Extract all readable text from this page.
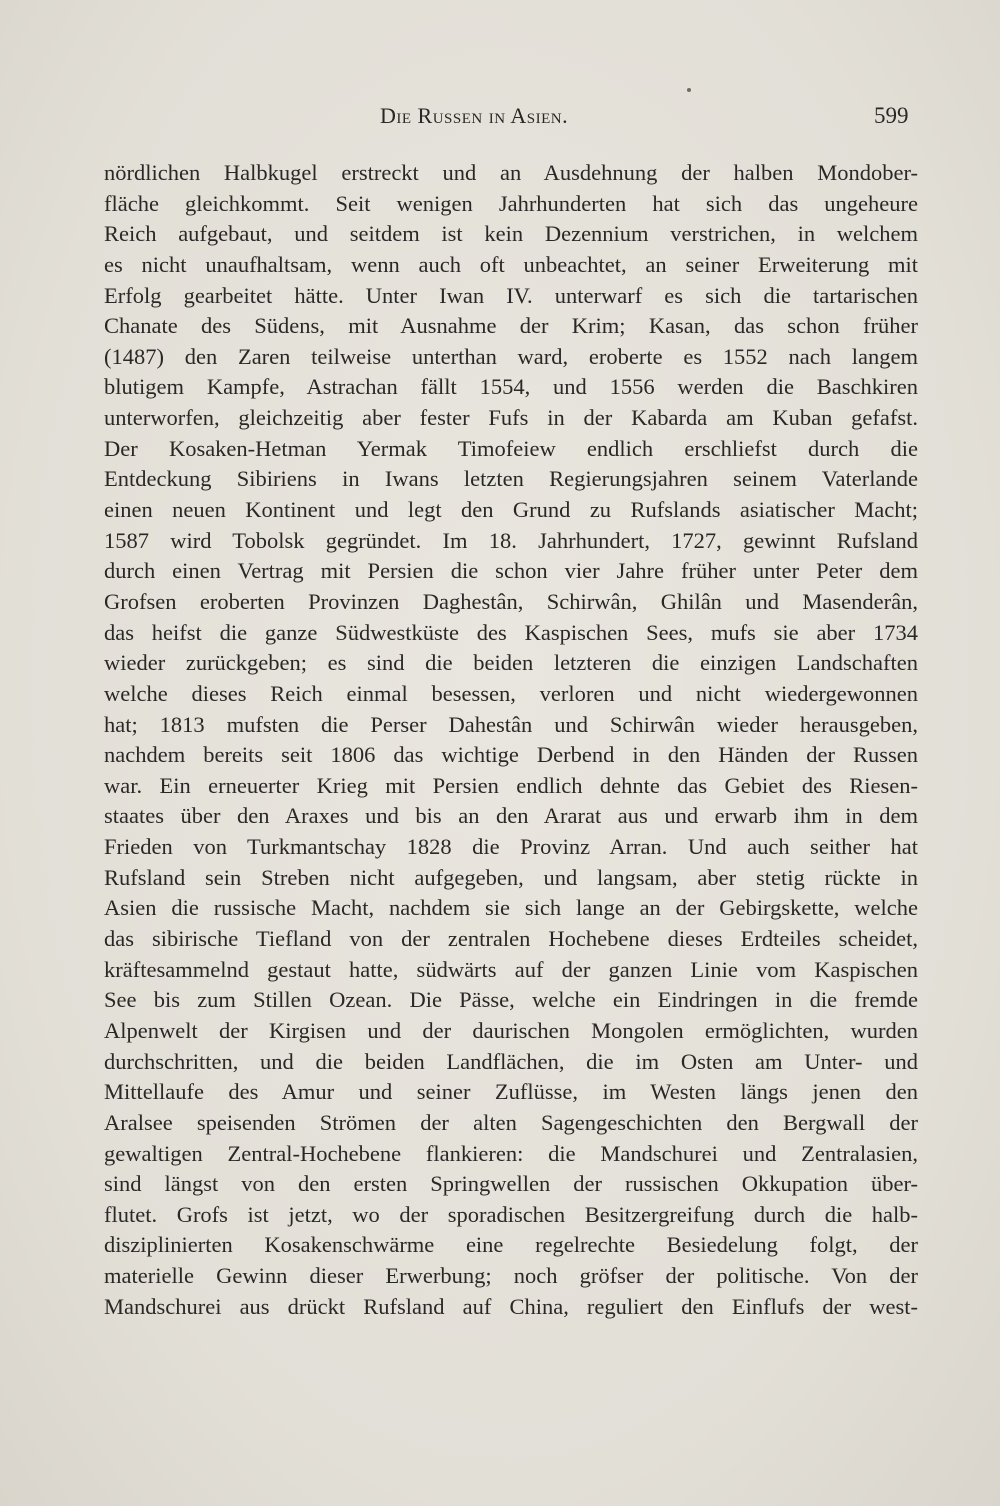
Die Russen in Asien.	599
nördlichen Halbkugel erstreckt und an Ausdehnung der halben Mondober-
fläche gleichkommt. Seit wenigen Jahrhunderten hat sich das ungeheure
Reich aufgebaut, und seitdem ist kein Dezennium verstrichen, in welchem
es nicht unaufhaltsam, wenn auch oft unbeachtet, an seiner Erweiterung mit
Erfolg gearbeitet hätte. Unter Iwan IV. unterwarf es sich die tartarischen
Chanate des Südens, mit Ausnahme der Krim; Kasan, das schon früher
(1487) den Zaren teilweise unterthan ward, eroberte es 1552 nach langem
blutigem Kampfe, Astrachan fällt 1554, und 1556 werden die Baschkiren
unterworfen, gleichzeitig aber fester Fufs in der Kabarda am Kuban gefafst.
Der Kosaken-Hetman Yermak Timofeiew endlich erschliefst durch die
Entdeckung Sibiriens in Iwans letzten Regierungsjahren seinem Vaterlande
einen neuen Kontinent und legt den Grund zu Rufslands asiatischer Macht;
1587 wird Tobolsk gegründet. Im 18. Jahrhundert, 1727, gewinnt Rufsland
durch einen Vertrag mit Persien die schon vier Jahre früher unter Peter dem
Grofsen eroberten Provinzen Daghestân, Schirwân, Ghilân und Masenderân,
das heifst die ganze Südwestküste des Kaspischen Sees, mufs sie aber 1734
wieder zurückgeben; es sind die beiden letzteren die einzigen Landschaften
welche dieses Reich einmal besessen, verloren und nicht wiedergewonnen
hat; 1813 mufsten die Perser Dahestân und Schirwân wieder herausgeben,
nachdem bereits seit 1806 das wichtige Derbend in den Händen der Russen
war. Ein erneuerter Krieg mit Persien endlich dehnte das Gebiet des Riesen-
staates über den Araxes und bis an den Ararat aus und erwarb ihm in dem
Frieden von Turkmantschay 1828 die Provinz Arran. Und auch seither hat
Rufsland sein Streben nicht aufgegeben, und langsam, aber stetig rückte in
Asien die russische Macht, nachdem sie sich lange an der Gebirgskette, welche
das sibirische Tiefland von der zentralen Hochebene dieses Erdteiles scheidet,
kräftesammelnd gestaut hatte, südwärts auf der ganzen Linie vom Kaspischen
See bis zum Stillen Ozean. Die Pässe, welche ein Eindringen in die fremde
Alpenwelt der Kirgisen und der daurischen Mongolen ermöglichten, wurden
durchschritten, und die beiden Landflächen, die im Osten am Unter- und
Mittellaufe des Amur und seiner Zuflüsse, im Westen längs jenen den
Aralsee speisenden Strömen der alten Sagengeschichten den Bergwall der
gewaltigen Zentral-Hochebene flankieren: die Mandschurei und Zentralasien,
sind längst von den ersten Springwellen der russischen Okkupation über-
flutet. Grofs ist jetzt, wo der sporadischen Besitzergreifung durch die halb-
disziplinierten Kosakenschwärme eine regelrechte Besiedelung folgt, der
materielle Gewinn dieser Erwerbung; noch gröfser der politische. Von der
Mandschurei aus drückt Rufsland auf China, reguliert den Einflufs der west-
